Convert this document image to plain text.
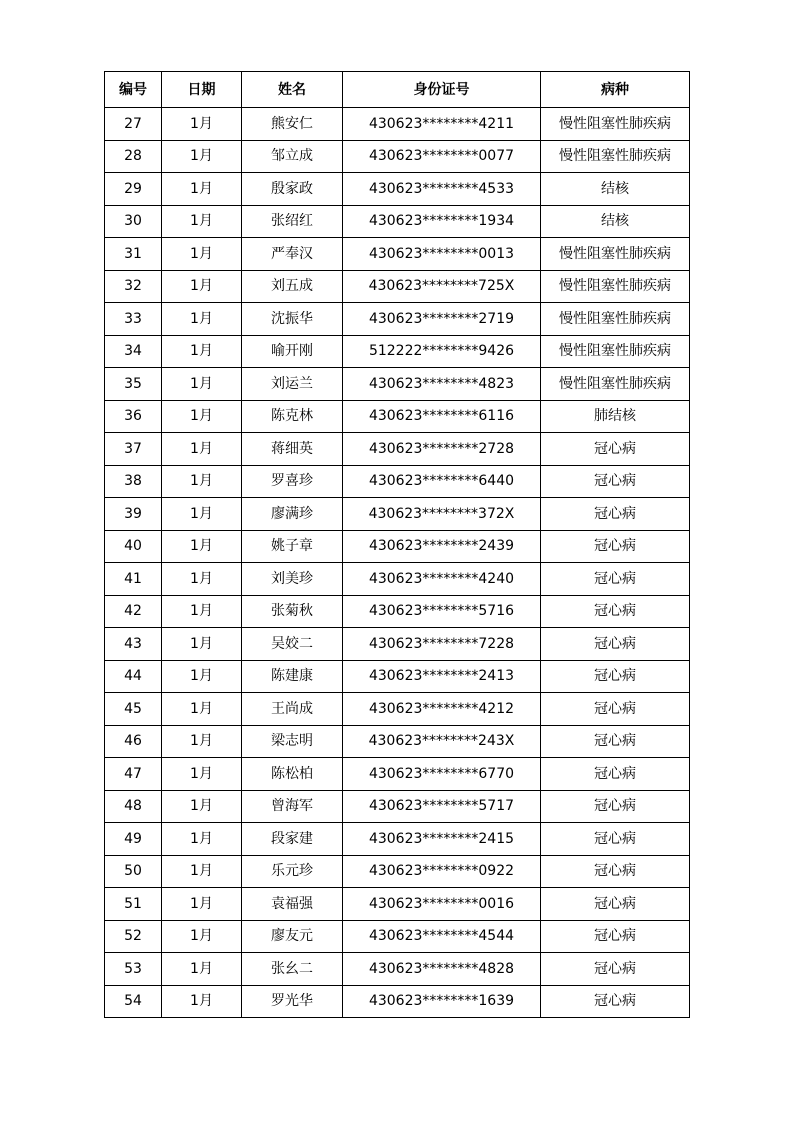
编号	日期	姓名	身份证号	病种
27	1月	熊安仁	430623********4211	慢性阻塞性肺疾病
28	1月	邹立成	430623********0077	慢性阻塞性肺疾病
29	1月	殷家政	430623********4533	结核
30	1月	张绍红	430623********1934	结核
31	1月	严奉汉	430623********0013	慢性阻塞性肺疾病
32	1月	刘五成	430623********725X	慢性阻塞性肺疾病
33	1月	沈振华	430623********2719	慢性阻塞性肺疾病
34	1月	喻开刚	512222********9426	慢性阻塞性肺疾病
35	1月	刘运兰	430623********4823	慢性阻塞性肺疾病
36	1月	陈克林	430623********6116	肺结核
37	1月	蒋细英	430623********2728	冠心病
38	1月	罗喜珍	430623********6440	冠心病
39	1月	廖满珍	430623********372X	冠心病
40	1月	姚子章	430623********2439	冠心病
41	1月	刘美珍	430623********4240	冠心病
42	1月	张菊秋	430623********5716	冠心病
43	1月	吴姣二	430623********7228	冠心病
44	1月	陈建康	430623********2413	冠心病
45	1月	王尚成	430623********4212	冠心病
46	1月	梁志明	430623********243X	冠心病
47	1月	陈松柏	430623********6770	冠心病
48	1月	曾海军	430623********5717	冠心病
49	1月	段家建	430623********2415	冠心病
50	1月	乐元珍	430623********0922	冠心病
51	1月	袁福强	430623********0016	冠心病
52	1月	廖友元	430623********4544	冠心病
53	1月	张幺二	430623********4828	冠心病
54	1月	罗光华	430623********1639	冠心病
